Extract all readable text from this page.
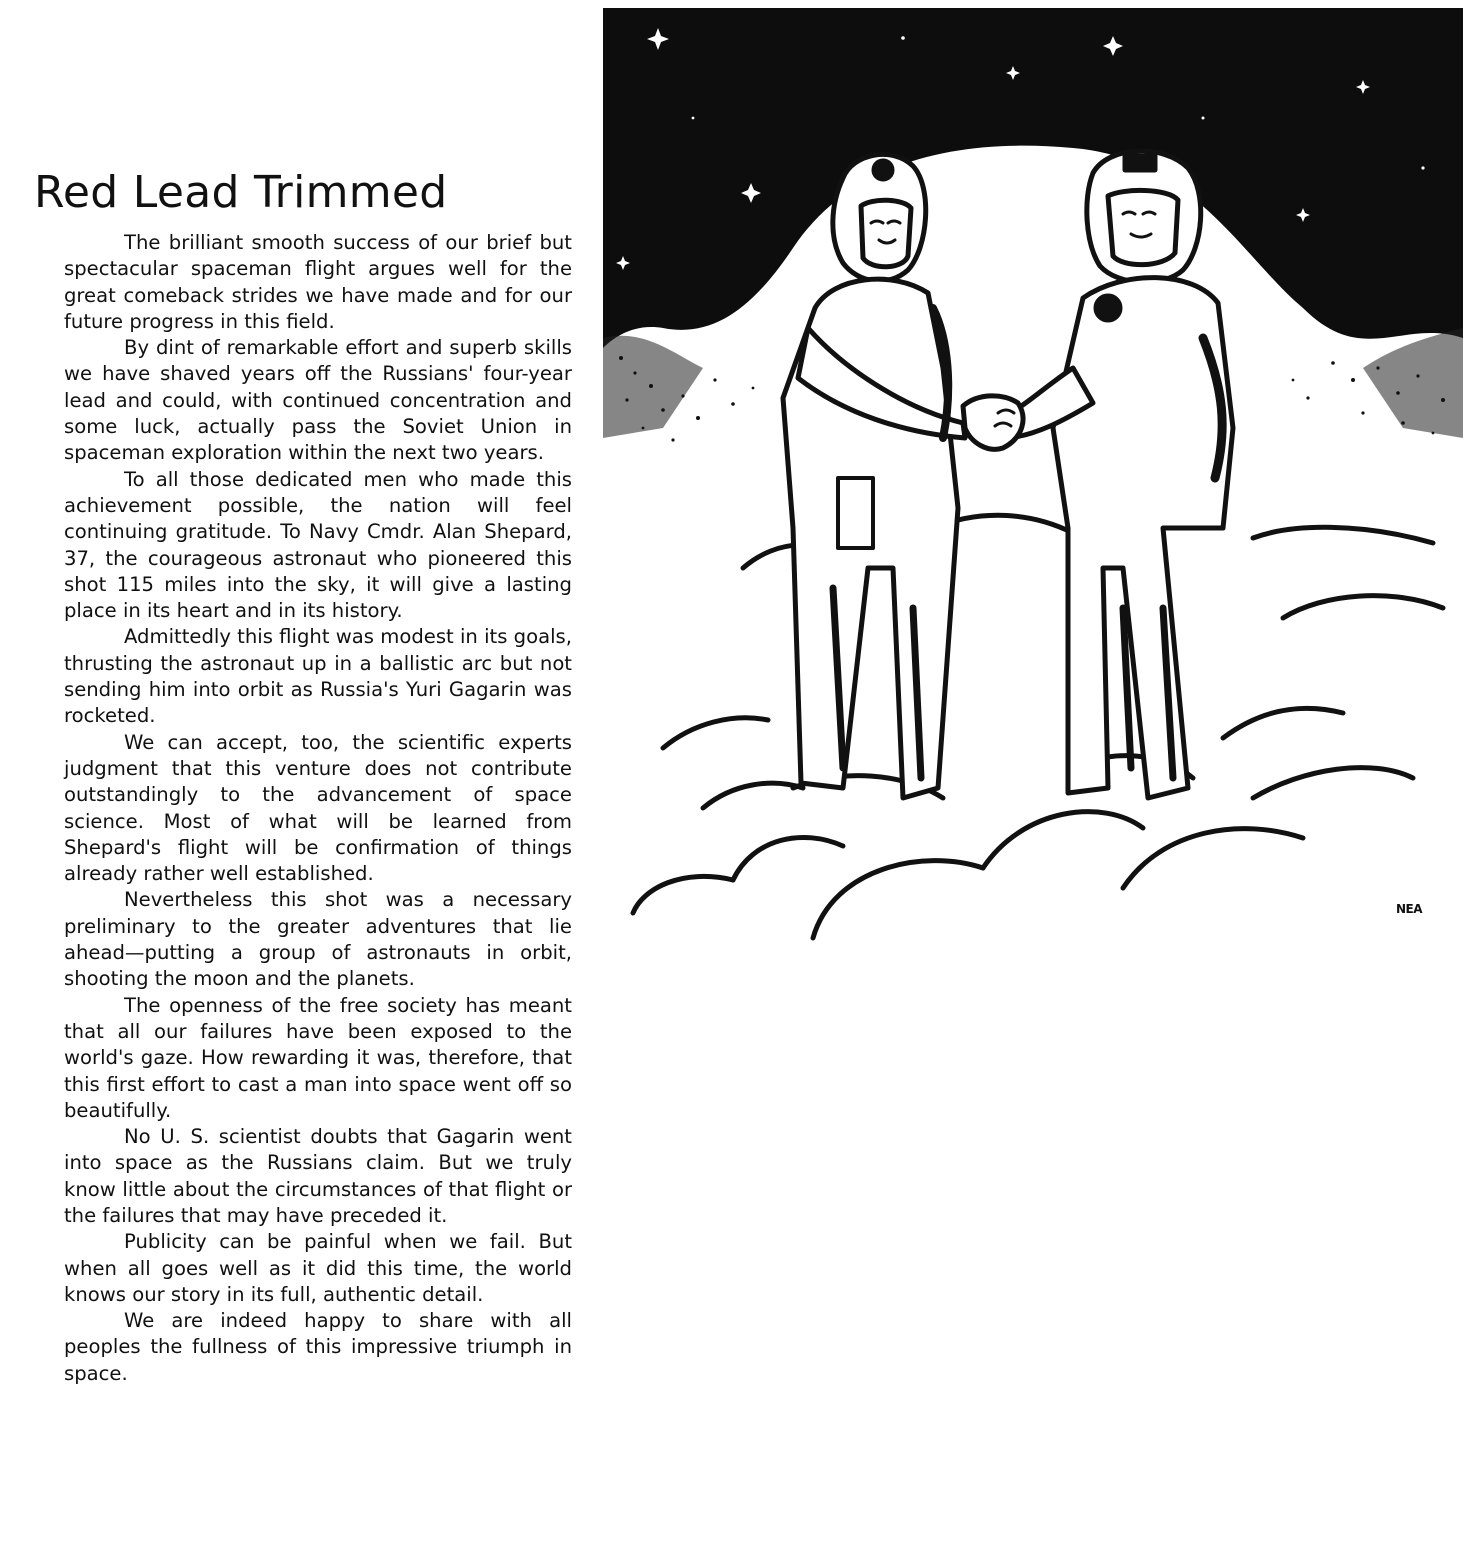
Red Lead Trimmed

The brilliant smooth success of our brief but spectacular spaceman flight argues well for the great comeback strides we have made and for our future progress in this field.

By dint of remarkable effort and superb skills we have shaved years off the Russians' four-year lead and could, with continued concentration and some luck, actually pass the Soviet Union in spaceman exploration within the next two years.

To all those dedicated men who made this achievement possible, the nation will feel continuing gratitude. To Navy Cmdr. Alan Shepard, 37, the courageous astronaut who pioneered this shot 115 miles into the sky, it will give a lasting place in its heart and in its history.

Admittedly this flight was modest in its goals, thrusting the astronaut up in a ballistic arc but not sending him into orbit as Russia's Yuri Gagarin was rocketed.

We can accept, too, the scientific experts judgment that this venture does not contribute outstandingly to the advancement of space science. Most of what will be learned from Shepard's flight will be confirmation of things already rather well established.

Nevertheless this shot was a necessary preliminary to the greater adventures that lie ahead—putting a group of astronauts in orbit, shooting the moon and the planets.

The openness of the free society has meant that all our failures have been exposed to the world's gaze. How rewarding it was, therefore, that this first effort to cast a man into space went off so beautifully.

No U. S. scientist doubts that Gagarin went into space as the Russians claim. But we truly know little about the circumstances of that flight or the failures that may have preceded it.

Publicity can be painful when we fail. But when all goes well as it did this time, the world knows our story in its full, authentic detail.

We are indeed happy to share with all peoples the fullness of this impressive triumph in space.

NEA
